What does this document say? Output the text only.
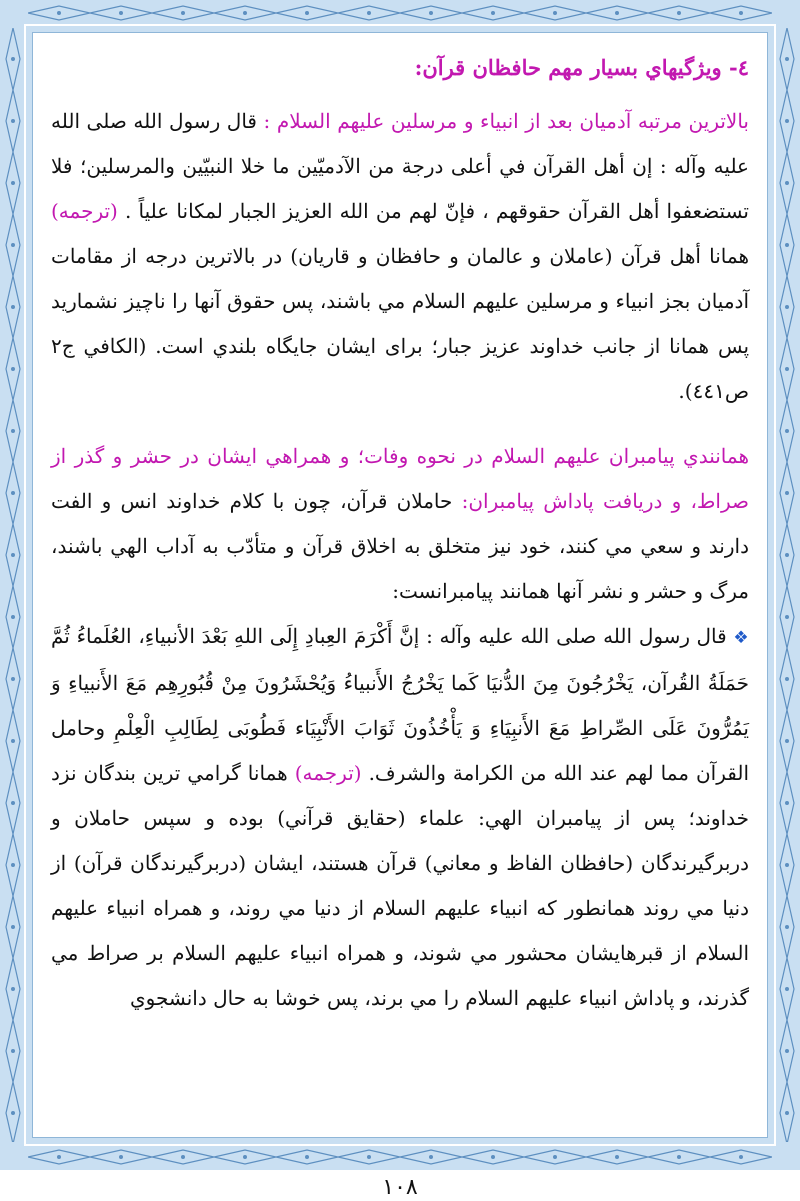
٤- ويژگيهاي بسيار مهم حافظان قرآن:

بالاترين مرتبه آدميان بعد از انبياء و مرسلين عليهم السلام : قال رسول الله صلى الله عليه وآله : إن أهل القرآن في أعلى درجة من الآدميّين ما خلا النبيّين والمرسلين؛ فلا تستضعفوا أهل القرآن حقوقهم ، فإنّ لهم من الله العزيز الجبار لمكانا علياً . (ترجمه) همانا أهل قرآن (عاملان و عالمان و حافظان و قاريان) در بالاترين درجه از مقامات آدميان بجز انبياء و مرسلين عليهم السلام مي باشند، پس حقوق آنها را ناچيز نشماريد پس همانا از جانب خداوند عزيز جبار؛ براى ايشان جايگاه بلندي است. (الكافي ج٢ ص٤٤١).

همانندي پيامبران عليهم السلام در نحوه وفات؛ و همراهي ايشان در حشر و گذر از صراط، و دريافت پاداش پيامبران: حاملان قرآن، چون با كلام خداوند انس و الفت دارند و سعي مي كنند، خود نيز متخلق به اخلاق قرآن و متأدّب به آداب الهي باشند، مرگ و حشر و نشر آنها همانند پيامبرانست:

❖ قال رسول الله صلى الله عليه وآله : إنَّ أَكْرَمَ العِبادِ إِلَى اللهِ بَعْدَ الأنبياءِ، العُلَماءُ ثُمَّ حَمَلَةُ القُرآن، يَخْرُجُونَ مِنَ الدُّنيَا كَما يَخْرُجُ الأَنبياءُ وَيُحْشَرُونَ مِنْ قُبُورِهِم مَعَ الأَنبياءِ وَ يَمُرُّونَ عَلَى الصِّراطِ مَعَ الأَنبِيَاءِ وَ يَأْخُذُونَ ثَوَابَ الأَنْبِيَاء فَطُوبَى لِطَالِبِ الْعِلْمِ وحامل القرآن مما لهم عند الله من الكرامة والشرف. (ترجمه) همانا گرامي ترين بندگان نزد خداوند؛ پس از پيامبران الهي: علماء (حقايق قرآني) بوده و سپس حاملان و دربرگيرندگان (حافظان الفاظ و معاني) قرآن هستند، ايشان (دربرگيرندگان قرآن) از دنيا مي روند همانطور كه انبياء عليهم السلام از دنيا مي روند، و همراه انبياء عليهم السلام از قبرهايشان محشور مي شوند، و همراه انبياء عليهم السلام بر صراط مي گذرند، و پاداش انبياء عليهم السلام را مي برند، پس خوشا به حال دانشجوي

١٠٨
